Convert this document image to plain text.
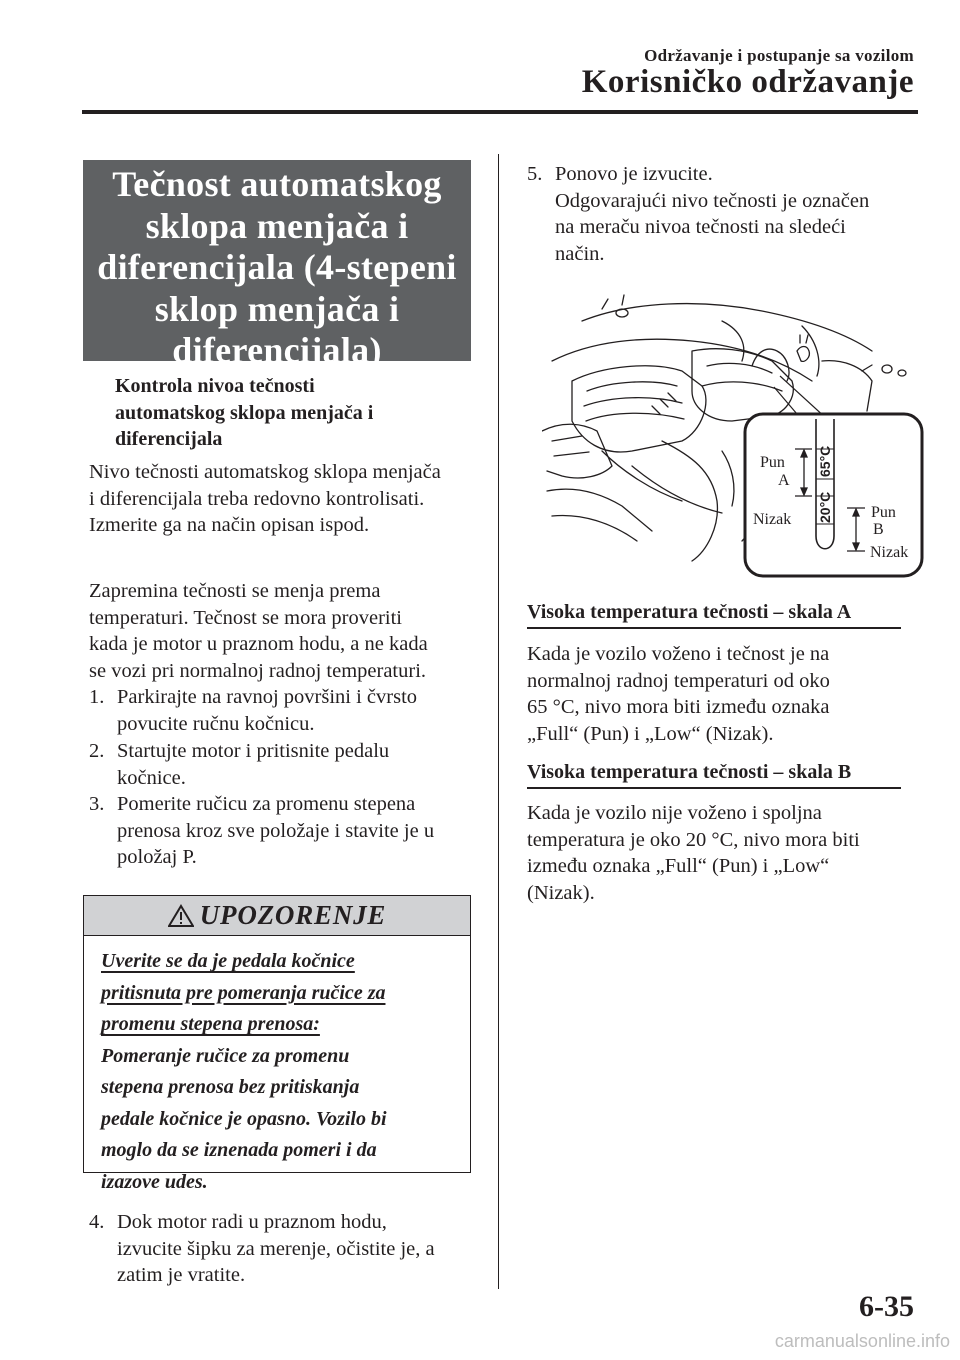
Održavanje i postupanje sa vozilom
Korisničko održavanje
Tečnost automatskog
sklopa menjača i
diferencijala (4-stepeni
sklop menjača i
diferencijala)
Kontrola nivoa tečnosti
automatskog sklopa menjača i
diferencijala
Nivo tečnosti automatskog sklopa menjača
i diferencijala treba redovno kontrolisati.
Izmerite ga na način opisan ispod.
Zapremina tečnosti se menja prema
temperaturi. Tečnost se mora proveriti
kada je motor u praznom hodu, a ne kada
se vozi pri normalnoj radnoj temperaturi.
1. Parkirajte na ravnoj površini i čvrsto
povucite ručnu kočnicu.
2. Startujte motor i pritisnite pedalu
kočnice.
3. Pomerite ručicu za promenu stepena
prenosa kroz sve položaje i stavite je u
položaj P.
UPOZORENJE
Uverite se da je pedala kočnice
pritisnuta pre pomeranja ručice za
promenu stepena prenosa:
Pomeranje ručice za promenu
stepena prenosa bez pritiskanja
pedale kočnice je opasno. Vozilo bi
moglo da se iznenada pomeri i da
izazove udes.
4. Dok motor radi u praznom hodu,
izvucite šipku za merenje, očistite je, a
zatim je vratite.
5. Ponovo je izvucite.
Odgovarajući nivo tečnosti je označen
na meraču nivoa tečnosti na sledeći
način.
65°C
20°C
Pun
A
Nizak	Pun
B
Nizak
Visoka temperatura tečnosti – skala A
Kada je vozilo voženo i tečnost je na
normalnoj radnoj temperaturi od oko
65 °C, nivo mora biti između oznaka
„Full“ (Pun) i „Low“ (Nizak).
Visoka temperatura tečnosti – skala B
Kada je vozilo nije voženo i spoljna
temperatura je oko 20 °C, nivo mora biti
između oznaka „Full“ (Pun) i „Low“
(Nizak).
6-35
carmanualsonline.info
